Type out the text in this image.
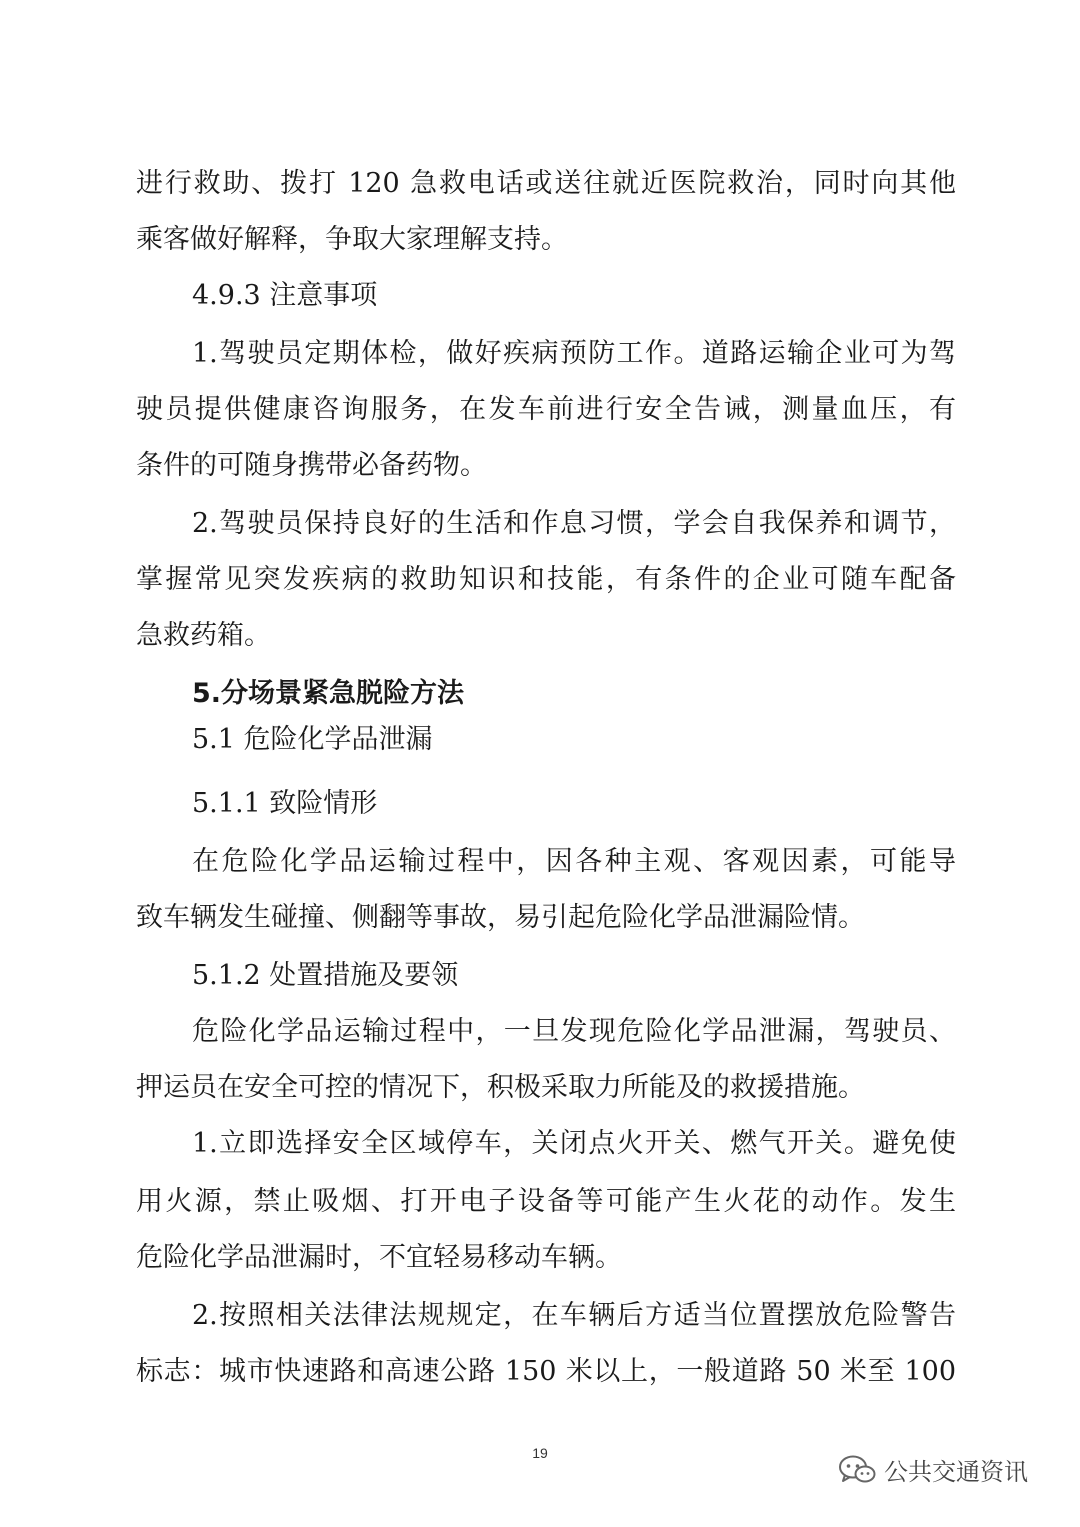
进行救助、拨打 120 急救电话或送往就近医院救治，同时向其他
乘客做好解释，争取大家理解支持。
4.9.3 注意事项
1.驾驶员定期体检，做好疾病预防工作。道路运输企业可为驾
驶员提供健康咨询服务，在发车前进行安全告诫，测量血压，有
条件的可随身携带必备药物。
2.驾驶员保持良好的生活和作息习惯，学会自我保养和调节，
掌握常见突发疾病的救助知识和技能，有条件的企业可随车配备
急救药箱。
5.分场景紧急脱险方法
5.1 危险化学品泄漏
5.1.1 致险情形
在危险化学品运输过程中，因各种主观、客观因素，可能导
致车辆发生碰撞、侧翻等事故，易引起危险化学品泄漏险情。
5.1.2 处置措施及要领
危险化学品运输过程中，一旦发现危险化学品泄漏，驾驶员、
押运员在安全可控的情况下，积极采取力所能及的救援措施。
1.立即选择安全区域停车，关闭点火开关、燃气开关。避免使
用火源，禁止吸烟、打开电子设备等可能产生火花的动作。发生
危险化学品泄漏时，不宜轻易移动车辆。
2.按照相关法律法规规定，在车辆后方适当位置摆放危险警告
标志：城市快速路和高速公路 150 米以上，一般道路 50 米至 100
19
公共交通资讯
